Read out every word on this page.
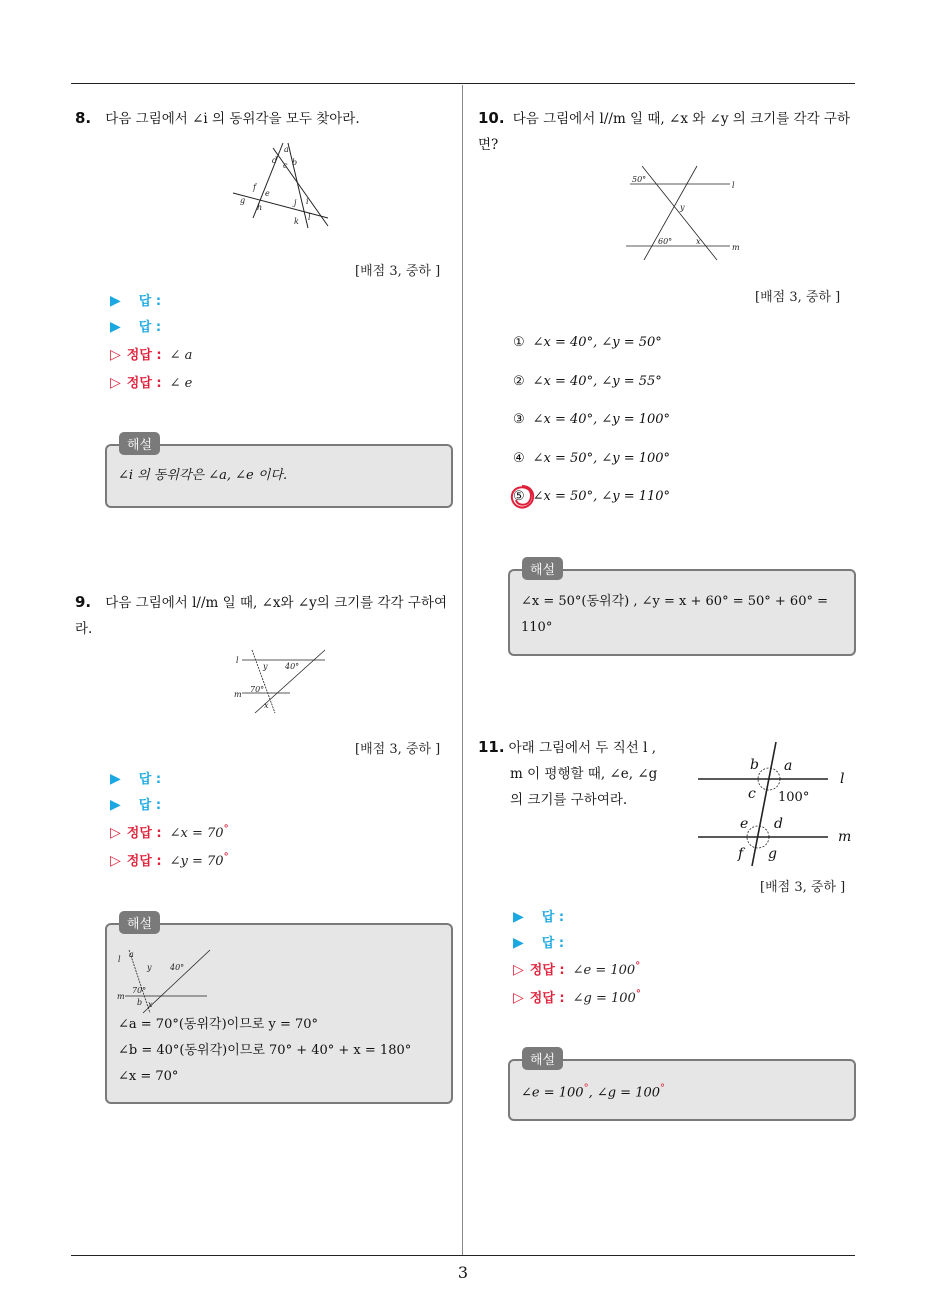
8. 다음 그림에서 ∠i 의 동위각을 모두 찾아라.
a
b
c
d
e
f
g
h
i
j
k l
[배점 3, 중하 ]
▶ 답 :
▶ 답 :
▷ 정답 : ∠ a
▷ 정답 : ∠ e
해설
∠i 의 동위각은 ∠a, ∠e 이다.
9. 다음 그림에서 l//m 일 때, ∠x와 ∠y의 크기를 각각 구하여라.
l
m
y 40°
70°
x
[배점 3, 중하 ]
▶ 답 :
▶ 답 :
▷ 정답 : ∠x = 70°
▷ 정답 : ∠y = 70°
해설
l
a
y 40°
m
70°
b x
∠a = 70°(동위각)이므로 y = 70°
∠b = 40°(동위각)이므로 70° + 40° + x = 180°
∠x = 70°
10. 다음 그림에서 l//m 일 때, ∠x 와 ∠y 의 크기를 각각 구하면?
50°
l
y
60°	x
m
[배점 3, 중하 ]
① ∠x = 40°, ∠y = 50°
② ∠x = 40°, ∠y = 55°
③ ∠x = 40°, ∠y = 100°
④ ∠x = 50°, ∠y = 100°
⑤ ∠x = 50°, ∠y = 110°
해설
∠x = 50°(동위각) , ∠y = x + 60° = 50° + 60° =
110°
11. 아래 그림에서 두 직선 l ,
m 이 평행할 때, ∠e, ∠g
의 크기를 구하여라.
b a
l
c
e d
m
f g
100°
[배점 3, 중하 ]
▶ 답 :
▶ 답 :
▷ 정답 : ∠e = 100°
▷ 정답 : ∠g = 100°
해설
∠e = 100°, ∠g = 100°
3
